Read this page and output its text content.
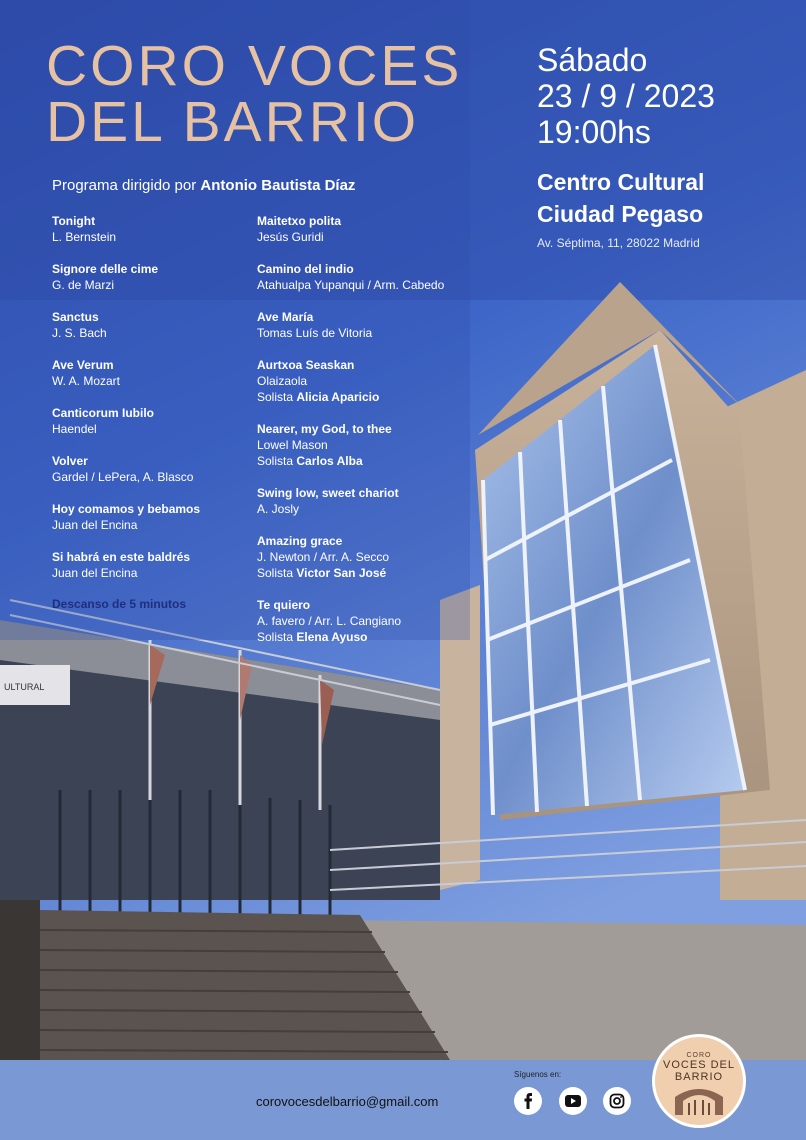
ULTURAL
CORO VOCES
DEL BARRIO
Sábado
23 / 9 / 2023
19:00hs
Centro Cultural
Ciudad Pegaso
Av. Séptima, 11, 28022 Madrid
Programa dirigido por Antonio Bautista Díaz
Tonight
L. Bernstein
Signore delle cime
G. de Marzi
Sanctus
J. S. Bach
Ave Verum
W. A. Mozart
Canticorum Iubilo
Haendel
Volver
Gardel / LePera, A. Blasco
Hoy comamos y bebamos
Juan del Encina
Si habrá en este baldrés
Juan del Encina
Descanso de 5 minutos
Maitetxo polita
Jesús Guridi
Camino del indio
Atahualpa Yupanqui / Arm. Cabedo
Ave María
Tomas Luís de Vitoria
Aurtxoa Seaskan
Olaizaola
Solista Alicia Aparicio
Nearer, my God, to thee
Lowel Mason
Solista Carlos Alba
Swing low, sweet chariot
A. Josly
Amazing grace
J. Newton / Arr. A. Secco
Solista Victor San José
Te quiero
A. favero / Arr. L. Cangiano
Solista Elena Ayuso
corovocesdelbarrio@gmail.com
Síguenos en:
CORO
VOCES DEL
BARRIO
